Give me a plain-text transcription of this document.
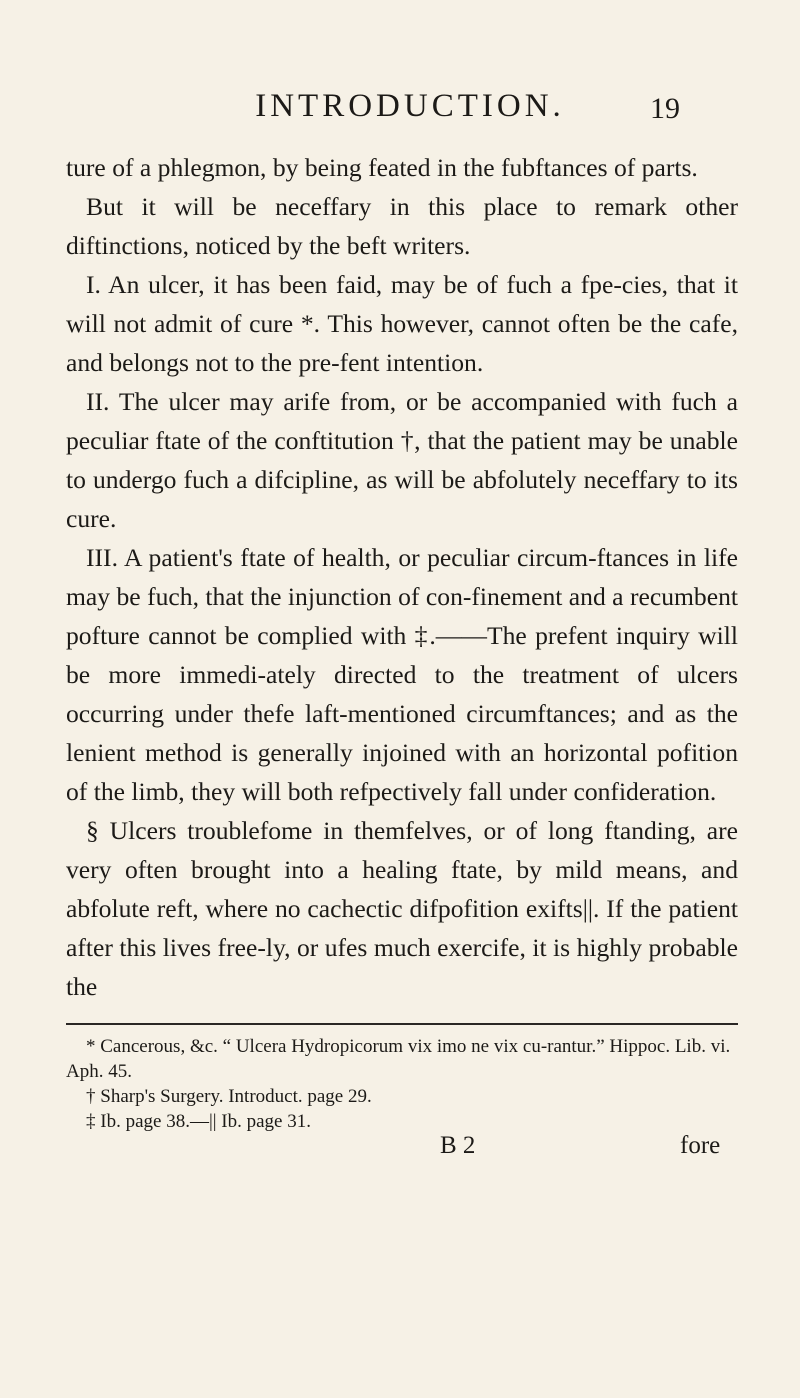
INTRODUCTION.	19

ture of a phlegmon, by being feated in the fubftances of parts.

But it will be neceffary in this place to remark other diftinctions, noticed by the beft writers.

I. An ulcer, it has been faid, may be of fuch a fpe-cies, that it will not admit of cure *. This however, cannot often be the cafe, and belongs not to the pre-fent intention.

II. The ulcer may arife from, or be accompanied with fuch a peculiar ftate of the conftitution †, that the patient may be unable to undergo fuch a difcipline, as will be abfolutely neceffary to its cure.

III. A patient's ftate of health, or peculiar circum-ftances in life may be fuch, that the injunction of con-finement and a recumbent pofture cannot be complied with ‡.——The prefent inquiry will be more immedi-ately directed to the treatment of ulcers occurring under thefe laft-mentioned circumftances; and as the lenient method is generally injoined with an horizontal pofition of the limb, they will both refpectively fall under confideration.

§ Ulcers troublefome in themfelves, or of long ftanding, are very often brought into a healing ftate, by mild means, and abfolute reft, where no cachectic difpofition exifts||. If the patient after this lives free-ly, or ufes much exercife, it is highly probable the

* Cancerous, &c. “ Ulcera Hydropicorum vix imo ne vix cu-rantur.” Hippoc. Lib. vi. Aph. 45.

† Sharp's Surgery. Introduct. page 29.

‡ Ib. page 38.—|| Ib. page 31.

B 2	fore
